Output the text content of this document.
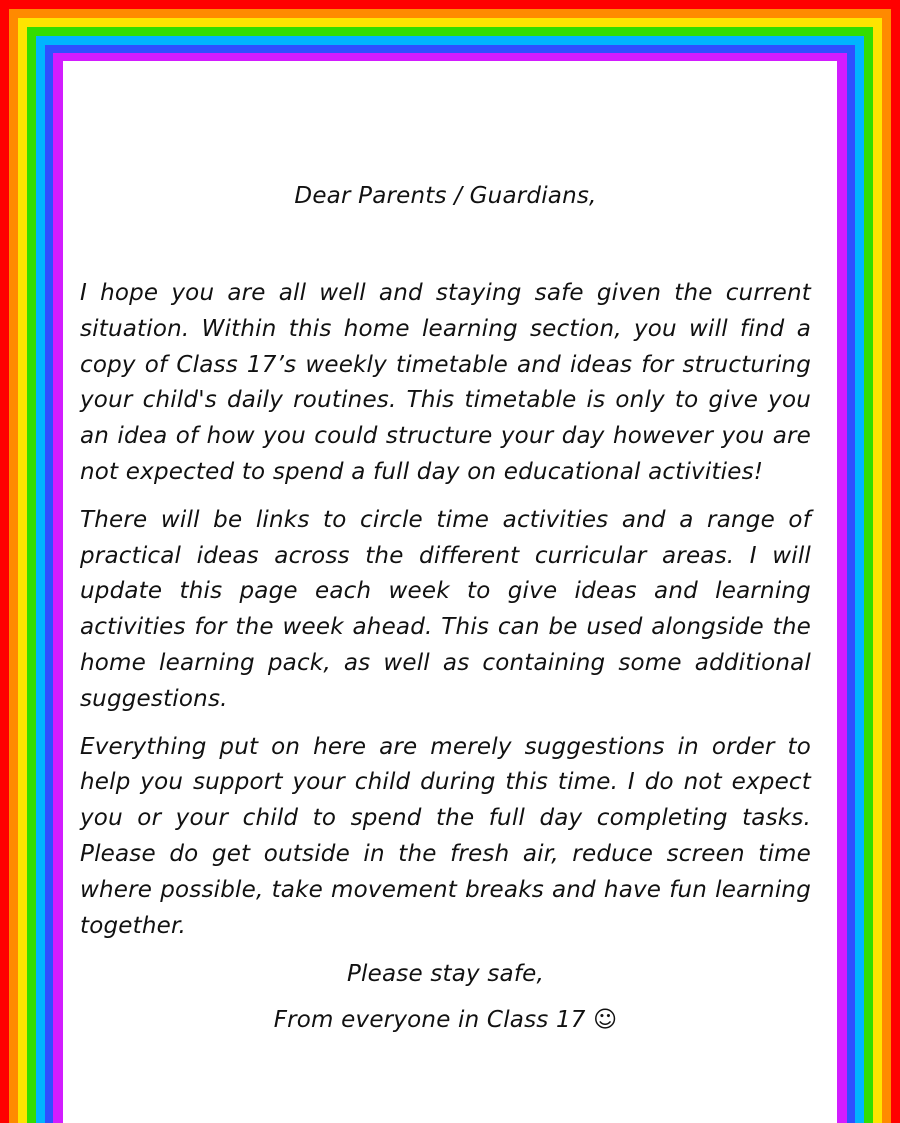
Dear Parents / Guardians,

I hope you are all well and staying safe given the current situation. Within this home learning section, you will find a copy of Class 17’s weekly timetable and ideas for structuring your child's daily routines. This timetable is only to give you an idea of how you could structure your day however you are not expected to spend a full day on educational activities!

There will be links to circle time activities and a range of practical ideas across the different curricular areas. I will update this page each week to give ideas and learning activities for the week ahead. This can be used alongside the home learning pack, as well as containing some additional suggestions.

Everything put on here are merely suggestions in order to help you support your child during this time. I do not expect you or your child to spend the full day completing tasks. Please do get outside in the fresh air, reduce screen time where possible, take movement breaks and have fun learning together.

Please stay safe,

From everyone in Class 17 ☺
